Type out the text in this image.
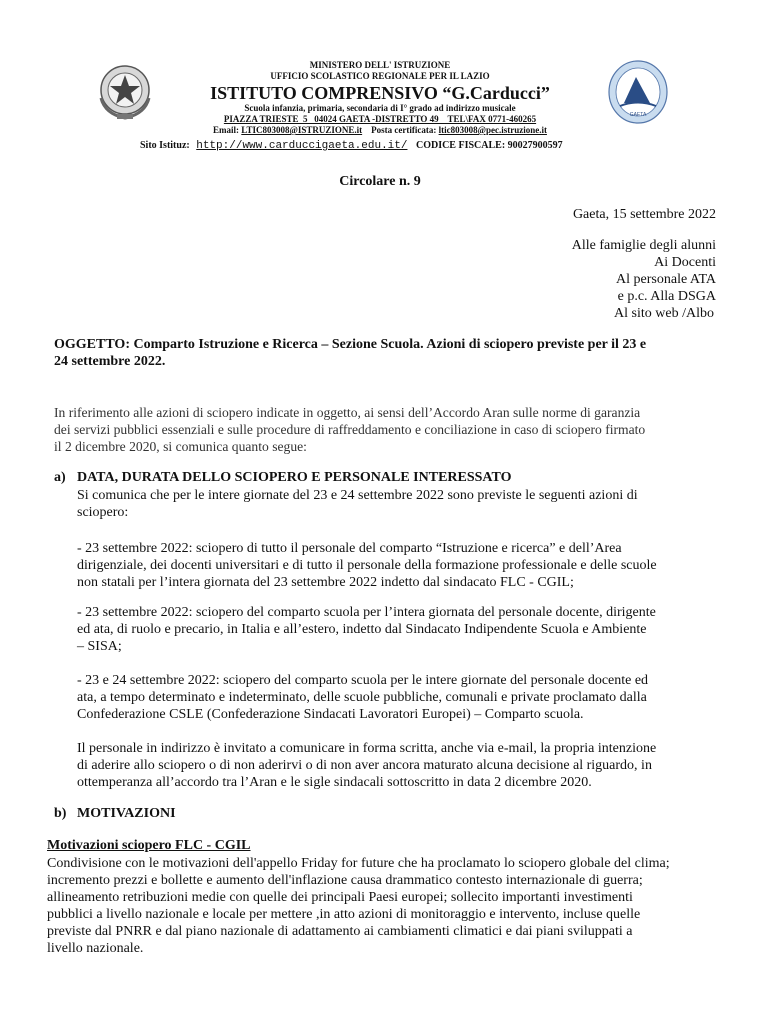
GAETA
MINISTERO DELL' ISTRUZIONE
UFFICIO SCOLASTICO REGIONALE PER IL LAZIO
ISTITUTO COMPRENSIVO “G.Carducci”
Scuola infanzia, primaria, secondaria di I° grado ad indirizzo musicale
PIAZZA TRIESTE  5   04024 GAETA -DISTRETTO 49    TEL\FAX 0771-460265
Email: LTIC803008@ISTRUZIONE.it Posta certificata: ltic803008@pec.istruzione.it
Sito Istituz: http://www.carduccigaeta.edu.it/ CODICE FISCALE: 90027900597
Circolare n. 9
Gaeta, 15 settembre 2022
Alle famiglie degli alunni
Ai Docenti
Al personale ATA
e p.c. Alla DSGA
Al sito web /Albo
OGGETTO: Comparto Istruzione e Ricerca – Sezione Scuola. Azioni di sciopero previste per il 23 e
24 settembre 2022.
In riferimento alle azioni di sciopero indicate in oggetto, ai sensi dell’Accordo Aran sulle norme di garanzia
dei servizi pubblici essenziali e sulle procedure di raffreddamento e conciliazione in caso di sciopero firmato
il 2 dicembre 2020, si comunica quanto segue:
a) DATA, DURATA DELLO SCIOPERO E PERSONALE INTERESSATO
Si comunica che per le intere giornate del 23 e 24 settembre 2022 sono previste le seguenti azioni di
sciopero:
- 23 settembre 2022: sciopero di tutto il personale del comparto “Istruzione e ricerca” e dell’Area
dirigenziale, dei docenti universitari e di tutto il personale della formazione professionale e delle scuole
non statali per l’intera giornata del 23 settembre 2022 indetto dal sindacato FLC - CGIL;
- 23 settembre 2022: sciopero del comparto scuola per l’intera giornata del personale docente, dirigente
ed ata, di ruolo e precario, in Italia e all’estero, indetto dal Sindacato Indipendente Scuola e Ambiente
– SISA;
- 23 e 24 settembre 2022: sciopero del comparto scuola per le intere giornate del personale docente ed
ata, a tempo determinato e indeterminato, delle scuole pubbliche, comunali e private proclamato dalla
Confederazione CSLE (Confederazione Sindacati Lavoratori Europei) – Comparto scuola.
Il personale in indirizzo è invitato a comunicare in forma scritta, anche via e-mail, la propria intenzione
di aderire allo sciopero o di non aderirvi o di non aver ancora maturato alcuna decisione al riguardo, in
ottemperanza all’accordo tra l’Aran e le sigle sindacali sottoscritto in data 2 dicembre 2020.
b) MOTIVAZIONI
Motivazioni sciopero FLC - CGIL
Condivisione con le motivazioni dell'appello Friday for future che ha proclamato lo sciopero globale del clima;
incremento prezzi e bollette e aumento dell'inflazione causa drammatico contesto internazionale di guerra;
allineamento retribuzioni medie con quelle dei principali Paesi europei; sollecito importanti investimenti
pubblici a livello nazionale e locale per mettere ,in atto azioni di monitoraggio e intervento, incluse quelle
previste dal PNRR e dal piano nazionale di adattamento ai cambiamenti climatici e dai piani sviluppati a
livello nazionale.
